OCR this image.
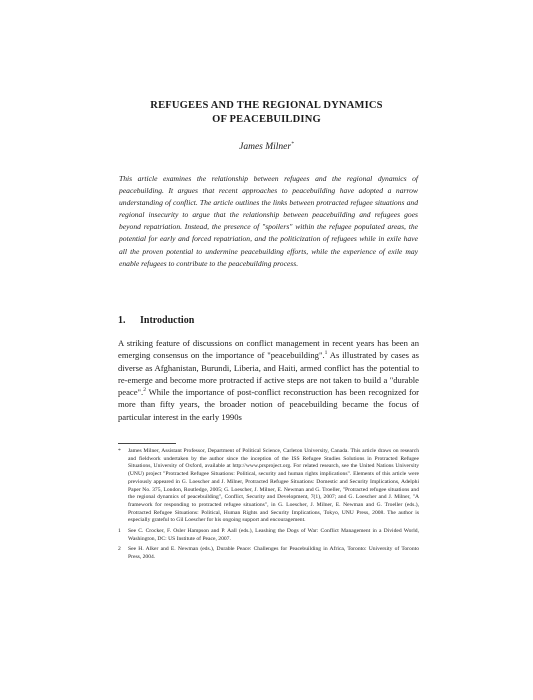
REFUGEES AND THE REGIONAL DYNAMICS
OF PEACEBUILDING
James Milner*
This article examines the relationship between refugees and the regional dynamics of peacebuilding. It argues that recent approaches to peacebuilding have adopted a narrow understanding of conflict. The article outlines the links between protracted refugee situations and regional insecurity to argue that the relationship between peacebuilding and refugees goes beyond repatriation. Instead, the presence of "spoilers" within the refugee populated areas, the potential for early and forced repatriation, and the politicization of refugees while in exile have all the proven potential to undermine peacebuilding efforts, while the experience of exile may enable refugees to contribute to the peacebuilding process.
1. Introduction
A striking feature of discussions on conflict management in recent years has been an emerging consensus on the importance of "peacebuilding".$^1$ As illustrated by cases as diverse as Afghanistan, Burundi, Liberia, and Haiti, armed conflict has the potential to re-emerge and become more protracted if active steps are not taken to build a "durable peace".$^2$ While the importance of post-conflict reconstruction has been recognized for more than fifty years, the broader notion of peacebuilding became the focus of particular interest in the early 1990s
* James Milner, Assistant Professor, Department of Political Science, Carleton University, Canada. This article draws on research and fieldwork undertaken by the author since the inception of the ISS Refugee Studies Solutions in Protracted Refugee Situations, University of Oxford, available at http://www.prsproject.org. For related research, see the United Nations University (UNU) project "Protracted Refugee Situations: Political, security and human rights implications". Elements of this article were previously appeared in G. Loescher and J. Milner, Protracted Refugee Situations: Domestic and Security Implications, Adelphi Paper No. 375, London, Routledge, 2005; G. Loescher, J. Milner, E. Newman and G. Troeller, "Protracted refugee situations and the regional dynamics of peacebuilding", Conflict, Security and Development, 7(1), 2007; and G. Loescher and J. Milner, "A framework for responding to protracted refugee situations", in G. Loescher, J. Milner, E. Newman and G. Troeller (eds.), Protracted Refugee Situations: Political, Human Rights and Security Implications, Tokyo, UNU Press, 2008. The author is especially grateful to Gil Loescher for his ongoing support and encouragement.
1 See C. Crocker, F. Osler Hampson and P. Aall (eds.), Leashing the Dogs of War: Conflict Management in a Divided World, Washington, DC: US Institute of Peace, 2007.
2 See H. Alker and E. Newman (eds.), Durable Peace: Challenges for Peacebuilding in Africa, Toronto: University of Toronto Press, 2004.
